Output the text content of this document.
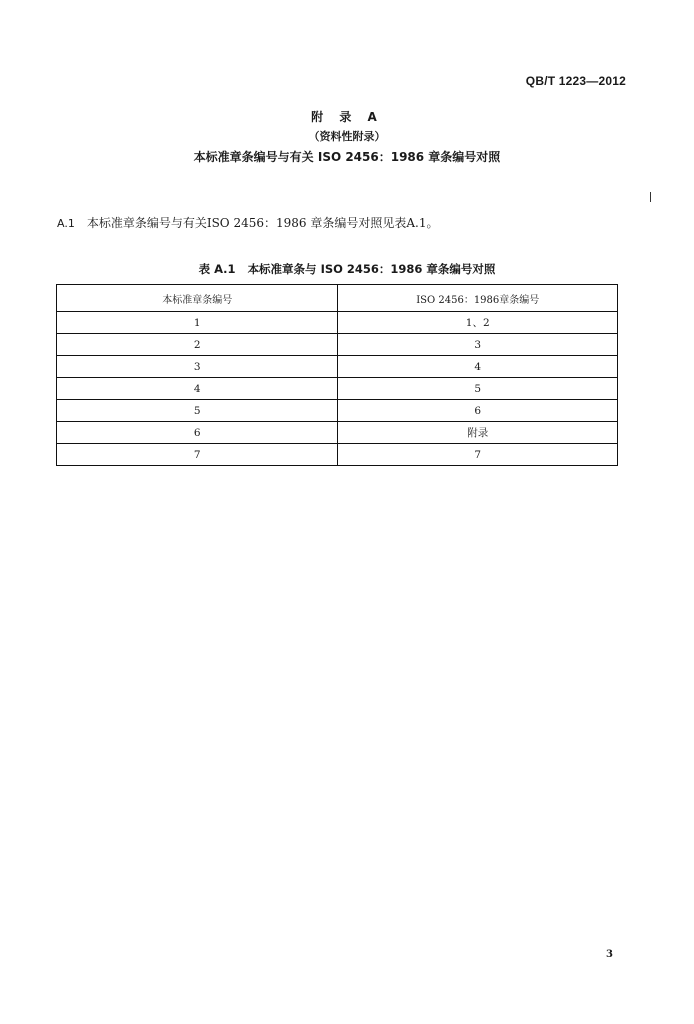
QB/T 1223—2012
附 录 A
（资料性附录）
本标准章条编号与有关 ISO 2456：1986 章条编号对照
A.1 本标准章条编号与有关ISO 2456：1986 章条编号对照见表A.1。
表 A.1 本标准章条与 ISO 2456：1986 章条编号对照
本标准章条编号	ISO 2456：1986章条编号
1	1、2
2	3
3	4
4	5
5	6
6	附录
7	7
3
